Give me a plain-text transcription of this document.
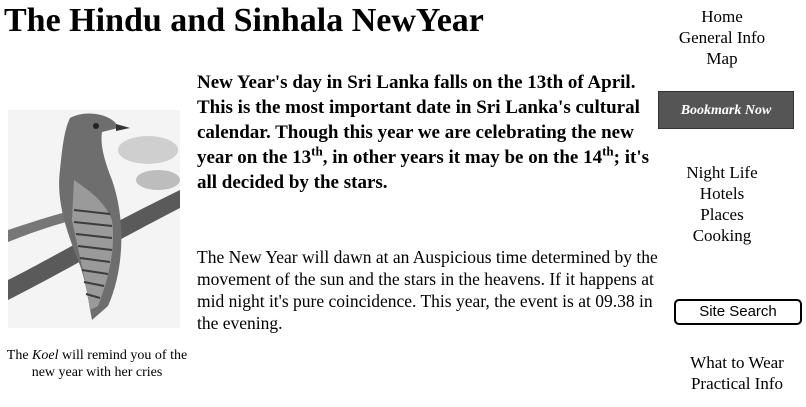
The Hindu and Sinhala NewYear
The Koel will remind you of the new year with her cries

New Year's day in Sri Lanka falls on the 13th of April. This is the most important date in Sri Lanka's cultural calendar. Though this year we are celebrating the new year on the 13th, in other years it may be on the 14th; it's all decided by the stars.

The New Year will dawn at an Auspicious time determined by the movement of the sun and the stars in the heavens. If it happens at mid night it's pure coincidence. This year, the event is at 09.38 in the evening.

Home
General Info
Map
Bookmark Now
Night Life
Hotels
Places
Cooking
Site Search
What to Wear
Practical Info
